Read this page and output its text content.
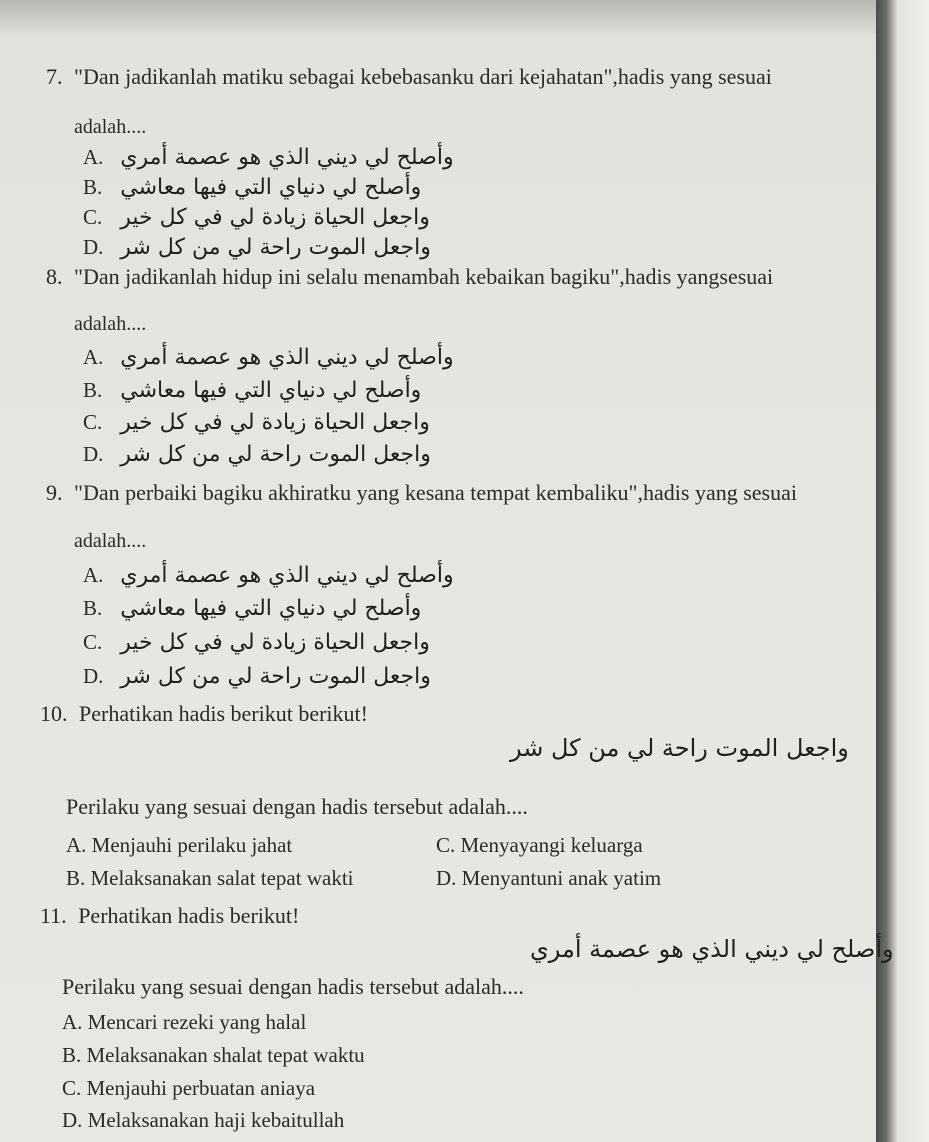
7. "Dan jadikanlah matiku sebagai kebebasanku dari kejahatan",hadis yang sesuai
adalah....
A. وأصلح لي ديني الذي هو عصمة أمري
B. وأصلح لي دنياي التي فيها معاشي
C. واجعل الحياة زيادة لي في كل خير
D. واجعل الموت راحة لي من كل شر
8. "Dan jadikanlah hidup ini selalu menambah kebaikan bagiku",hadis yangsesuai
adalah....
A. وأصلح لي ديني الذي هو عصمة أمري
B. وأصلح لي دنياي التي فيها معاشي
C. واجعل الحياة زيادة لي في كل خير
D. واجعل الموت راحة لي من كل شر
9. "Dan perbaiki bagiku akhiratku yang kesana tempat kembaliku",hadis yang sesuai
adalah....
A. وأصلح لي ديني الذي هو عصمة أمري
B. وأصلح لي دنياي التي فيها معاشي
C. واجعل الحياة زيادة لي في كل خير
D. واجعل الموت راحة لي من كل شر
10. Perhatikan hadis berikut berikut!
واجعل الموت راحة لي من كل شر
Perilaku yang sesuai dengan hadis tersebut adalah....
A. Menjauhi perilaku jahat
B. Melaksanakan salat tepat wakti
C. Menyayangi keluarga
D. Menyantuni anak yatim
11. Perhatikan hadis berikut!
وأصلح لي ديني الذي هو عصمة أمري
Perilaku yang sesuai dengan hadis tersebut adalah....
A. Mencari rezeki yang halal
B. Melaksanakan shalat tepat waktu
C. Menjauhi perbuatan aniaya
D. Melaksanakan haji kebaitullah
